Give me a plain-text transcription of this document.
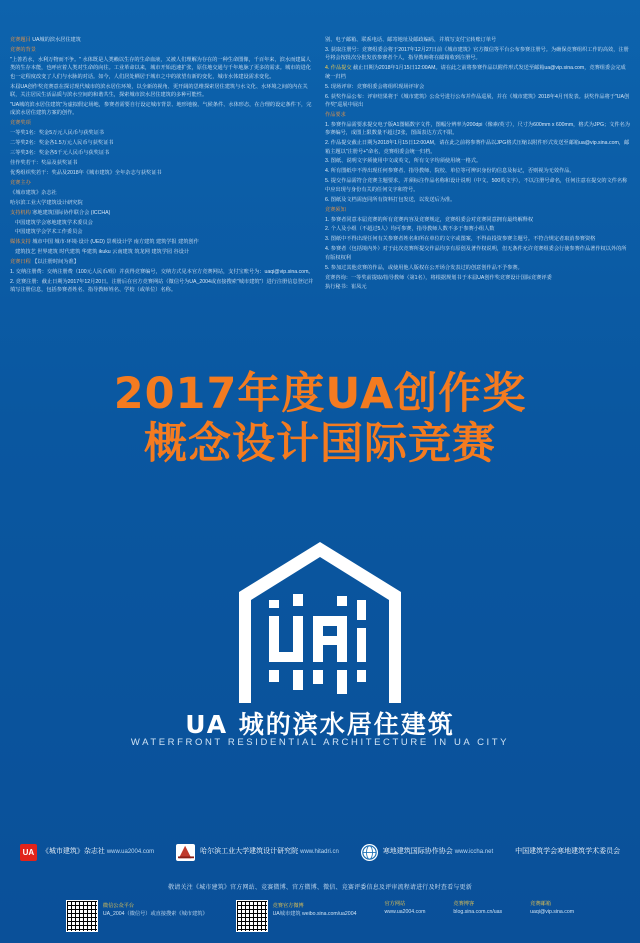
竞赛题目 UA城的滨水居住建筑

竞赛的背景

"上善若水，水利万物而不争。" 水体既是人类赖以生存的生命血液，又被人们理解为存在的一种生命图像，千百年来，滨水而建属人类的生存本能，也呼应着人类对生命的向往。工业革命以来，城市开始迅速扩张，原住地交通与千年地脉了更多的需求。城市的进化也一定程度改变了人们与水脉的对话。如今，人们居处栖居于城市之中的欲望有新的变化，城市水体建设需求变化。

本届UA创作奖竞赛意在探讨现代城市的滨水居住环境，以全新的视角、更开阔的思维探索居住建筑与水文化、水环境之间的内在关联，关注居民生活品质与滨水空间的和谐共生，探索城市滨水居住建筑的多种可能性。

"UA城的滨水居住建筑"为虚拟假定场地，参赛者需要自行设定城市背景、地形地貌、气候条件、水体形态，在合理的设定条件下，完成滨水居住建筑方案的创作。

竞赛奖项

一等奖1名：奖金5万元人民币与获奖证书

二等奖2名：奖金各1.5万元人民币与获奖证书

三等奖3名：奖金各5千元人民币与获奖证书

佳作奖若干：奖品及获奖证书

优秀组织奖若干：奖品及2018年《城市建筑》全年杂志与获奖证书

竞赛主办

《城市建筑》杂志社

哈尔滨工业大学建筑设计研究院

支持机构 寒地建筑国际协作联合会 (ICCHA)

中国建筑学会寒地建筑学术委员会

中国建筑学会学术工作委员会

媒体支持 城市中国 城市·环境·设计 (UED) 景观设计学 南方建筑 建筑学报 建筑创作

建筑技艺 世界建筑 时代建筑 华建筑 ikuku 云南建筑 筑龙网 建筑学园 谷设计

竞赛日程 【以注册时间为准】

1. 交纳注册费：交纳注册费（100元人民币/组）并获得竞赛编号，交纳方式见本官方竞赛网站，支付宝账号为：uaqi@vip.sina.com。

2. 竞赛注册：截止日期为2017年12月20日。注册后在官方竞赛网站（微信号为UA_2004或直接搜索"城市建筑"）进行注册信息登记并填写注册信息，包括参赛者姓名、指导教师姓名、学校（或单位）名称。

别、电子邮箱、联系电话、邮寄地址及邮政编码，并填写支付宝转账订单号

3. 获取注册号：竞赛组委会将于2017年12月27日前《城市建筑》官方微信等平台公布参赛注册号。为确保竞赛组织工作的高效，注册号将会按批次分批发放参赛者个人，指导教师将在邮箱收到注册号。

4. 作品提交 截止日期为2018年1月15日12:00AM。请在此之前将参赛作品以附件形式发送至邮箱ua@vip.sina.com，竞赛组委会完成统一归档

5. 现场评审：竞赛组委会将组织现场评审会

6. 获奖作品公布：评审结果将于《城市建筑》公众号进行公布并作品巡展，并在《城市建筑》2018年4月刊发表。获奖作品将于"UA创作奖"巡展中展出

作品要求

1. 参赛作品需要求提交电子版A1图幅数字文件，图幅分辨率为200dpi（像素/英寸），尺寸为600mm x 600mm，格式为JPG；文件名为参赛编号，成图上限数量不超过2张，图面表达方式不限。

2. 作品提交截止日期为2018年1月15日12:00AM，请在此之前将参赛作品以JPG格式压缩以附件形式发送至邮箱ua@vip.sina.com，邮箱主题以"注册号+"命名，竞赛组委会统一归档。

3. 图纸、说明文字须使用中文或英文，所有文字均须使用统一格式。

4. 所有图纸中不得出现任何参赛者、指导教师、院校、单位等可辨识身份的信息及标记，否则视为无效作品。

5. 提交作品需符合竞赛主题要求，并须标注作品名称和设计说明（中文、500英文字），不以注册号命名，任何注意在提交的文件名称中应出现与身份有关的任何文字和符号。

6. 图纸及文档需连同所有资料打包发送，以发送后为准。

竞赛须知

1. 参赛者同意本届竞赛的所有竞赛内容及竞赛规定，竞赛组委会对竞赛同意拥有最终解释权

2. 个人及小组（不超过5人）均可参赛，指导教师人数不多于参赛小组人数

3. 图纸中不得出现任何有关参赛者姓名和所在单位的文字或图案，不得由投资参赛主题号。不符合规定者取消参赛资格

4. 参赛者（包括境内外）对于此次竞赛所提交作品均享有原创及著作权说明，但无条件允许竞赛组委会行使参赛作品著作权以外的所有版权权利

5. 参加过其他竞赛的作品，或使用他人版权在公开场合发表过的创意创作品不予参赛。

竞赛咨询：一等奖前提取/指导教师（第1名），将根据规划书于本届UA创作奖竞赛设计国际竞赛评委

执行秘书：崔凤元

2017年度UA创作奖
概念设计国际竞赛
UA 城的滨水居住建筑
WATERFRONT RESIDENTIAL ARCHITECTURE IN UA CITY
UA	《城市建筑》杂志社 www.ua2004.com	哈尔滨工业大学建筑设计研究院 www.hitadri.cn	寒地建筑国际协作协会 www.iccha.net	中国建筑学会寒地建筑学术委员会
敬请关注《城市建筑》官方网站、竞赛微博、官方微博、微信、竞赛评委信息及评审流程请进行及时查看与更新
微信公众平台
UA_2004（微信号）或直接搜索《城市建筑》
竞赛官方微博
UA城市建筑 weibo.sina.com/ua2004
官方网站
www.ua2004.com
竞赛博客
blog.sina.com.cn/uas
竞赛邮箱
uaqi@vip.sina.com
